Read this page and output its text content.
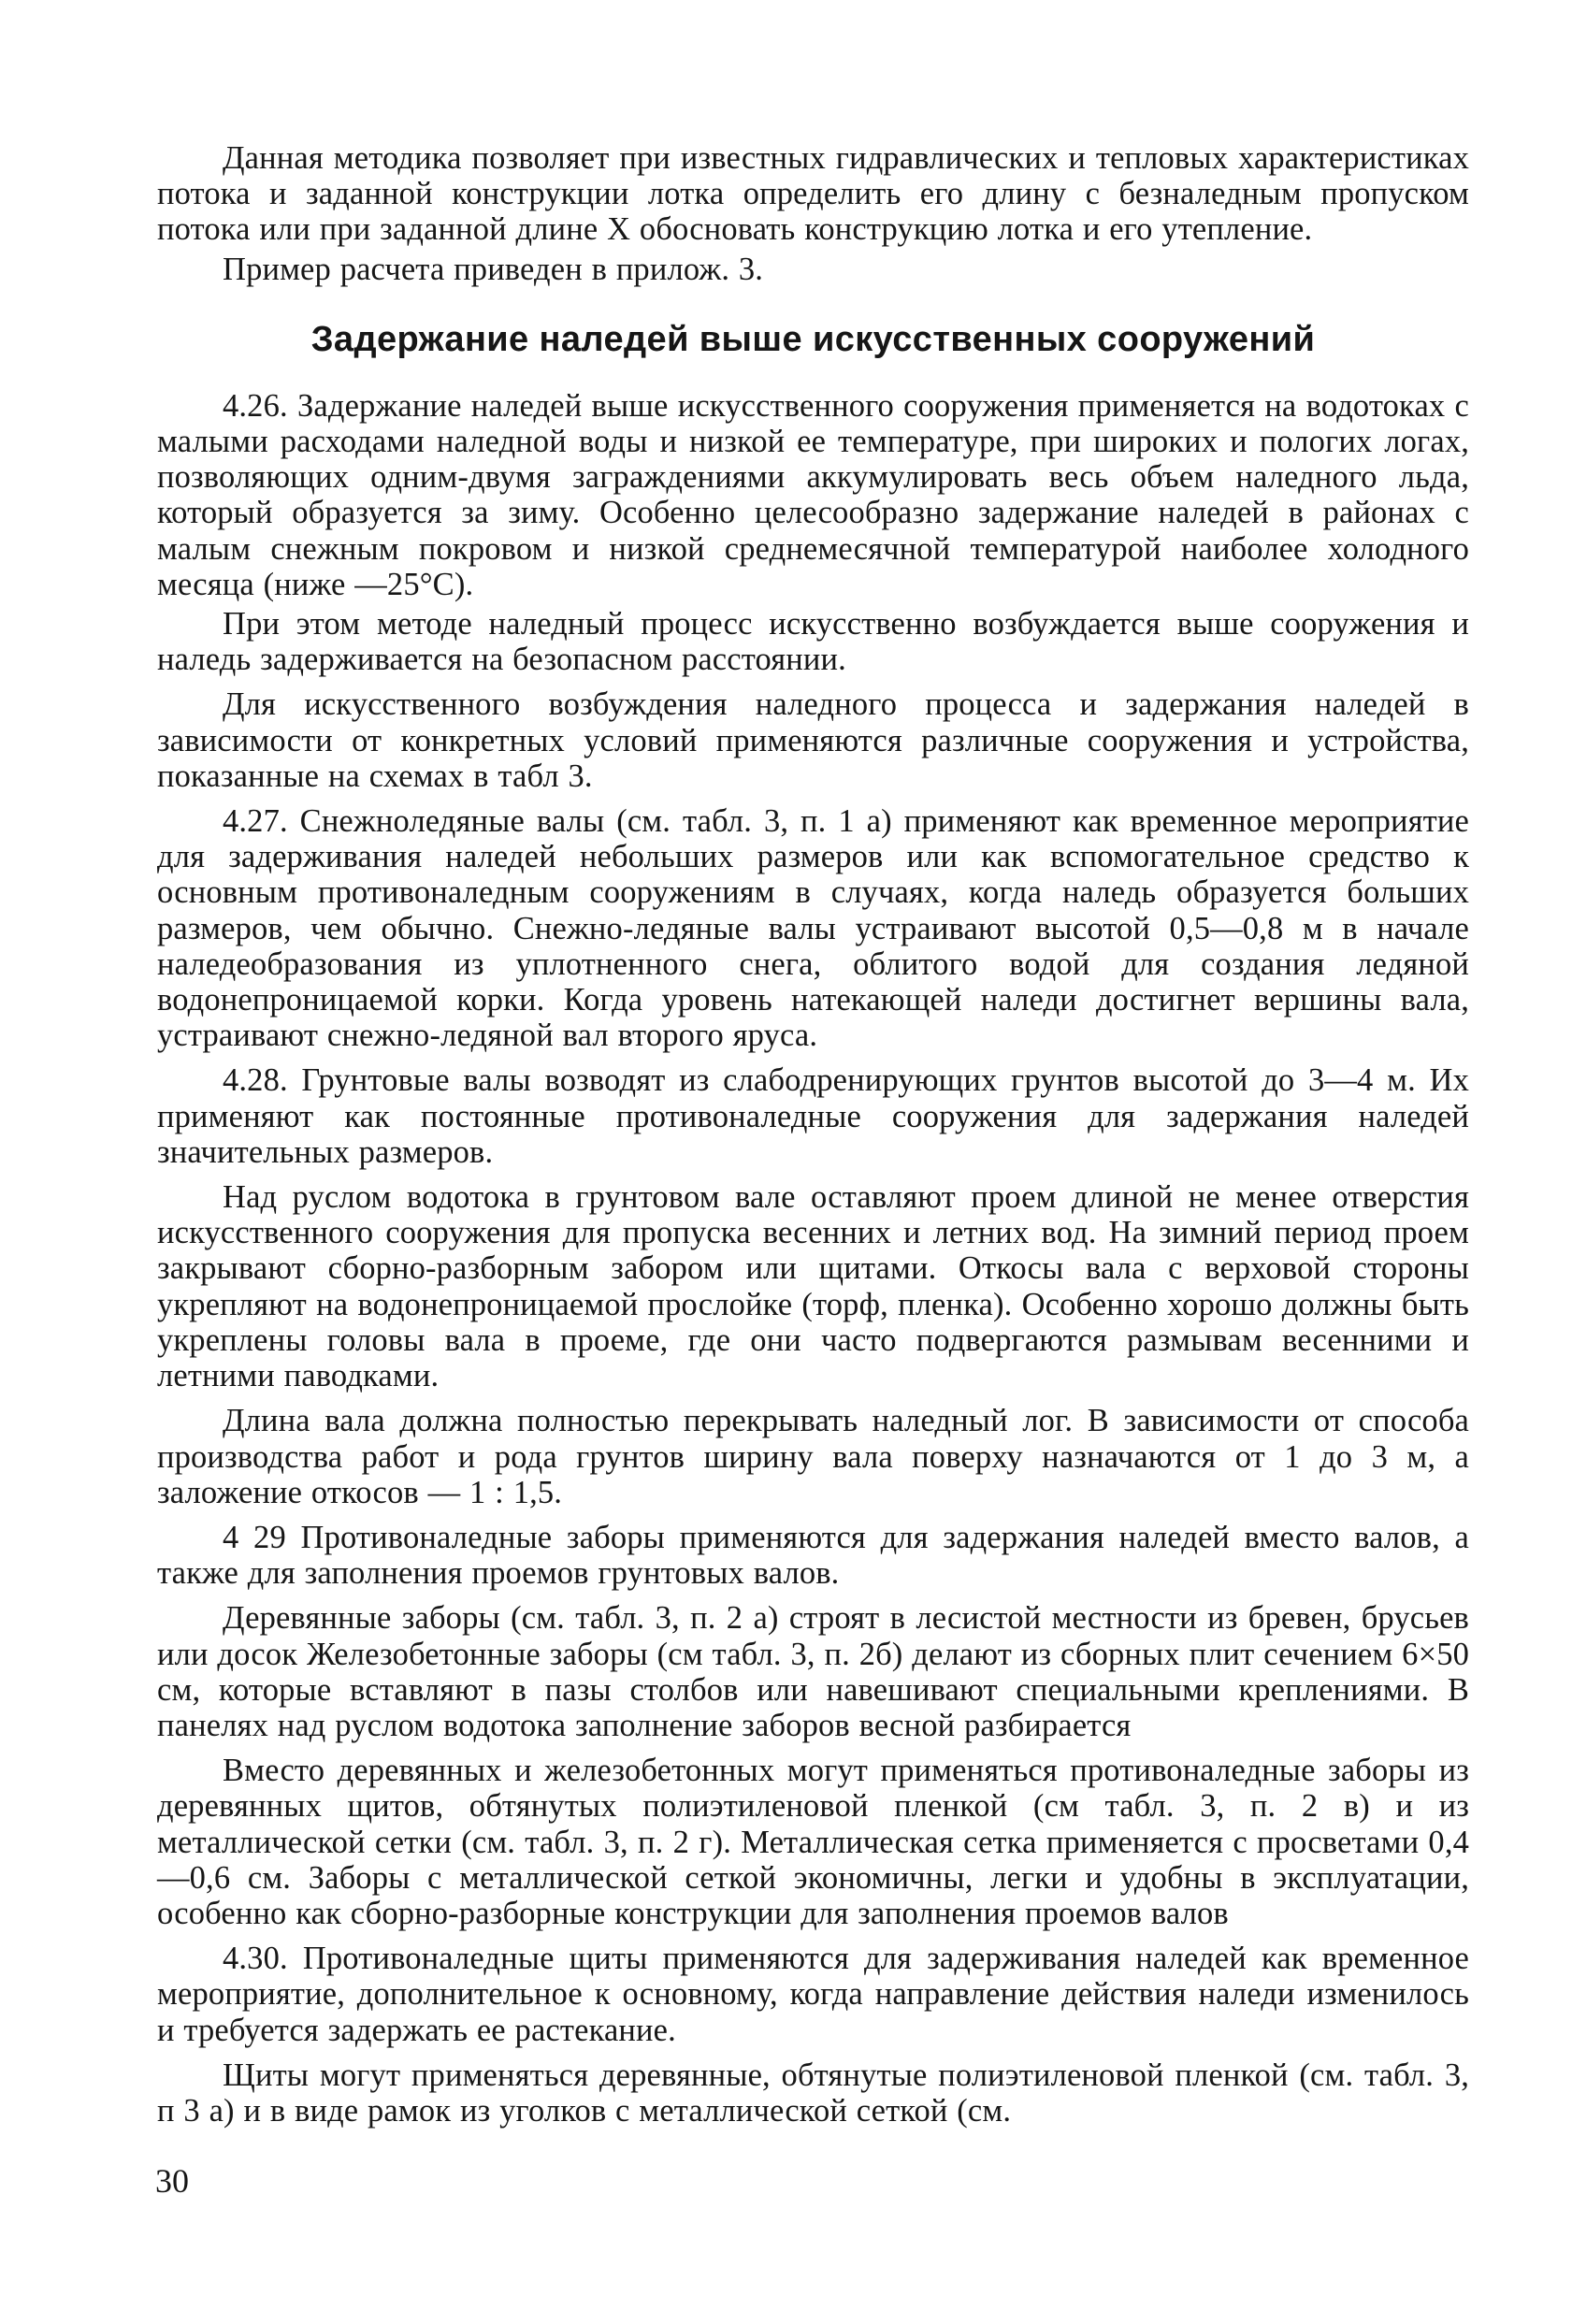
Данная методика позволяет при известных гидравлических и тепловых характеристиках потока и заданной конструкции лотка определить его длину с безналедным пропуском потока или при заданной длине X обосновать конструкцию лотка и его утепление.

Пример расчета приведен в прилож. 3.

Задержание наледей выше искусственных сооружений

4.26. Задержание наледей выше искусственного сооружения применяется на водотоках с малыми расходами наледной воды и низкой ее температуре, при широких и пологих логах, позволяющих одним-двумя заграждениями аккумулировать весь объем наледного льда, который образуется за зиму. Особенно целесообразно задержание наледей в районах с малым снежным покровом и низкой среднемесячной температурой наиболее холодного месяца (ниже —25°С).

При этом методе наледный процесс искусственно возбуждается выше сооружения и наледь задерживается на безопасном расстоянии.

Для искусственного возбуждения наледного процесса и задержания наледей в зависимости от конкретных условий применяются различные сооружения и устройства, показанные на схемах в табл 3.

4.27. Снежноледяные валы (см. табл. 3, п. 1 а) применяют как временное мероприятие для задерживания наледей небольших размеров или как вспомогательное средство к основным противоналедным сооружениям в случаях, когда наледь образуется больших размеров, чем обычно. Снежно-ледяные валы устраивают высотой 0,5—0,8 м в начале наледеобразования из уплотненного снега, облитого водой для создания ледяной водонепроницаемой корки. Когда уровень натекающей наледи достигнет вершины вала, устраивают снежно-ледяной вал второго яруса.

4.28. Грунтовые валы возводят из слабодренирующих грунтов высотой до 3—4 м. Их применяют как постоянные противоналедные сооружения для задержания наледей значительных размеров.

Над руслом водотока в грунтовом вале оставляют проем длиной не менее отверстия искусственного сооружения для пропуска весенних и летних вод. На зимний период проем закрывают сборно-разборным забором или щитами. Откосы вала с верховой стороны укрепляют на водонепроницаемой прослойке (торф, пленка). Особенно хорошо должны быть укреплены головы вала в проеме, где они часто подвергаются размывам весенними и летними паводками.

Длина вала должна полностью перекрывать наледный лог. В зависимости от способа производства работ и рода грунтов ширину вала поверху назначаются от 1 до 3 м, а заложение откосов — 1 : 1,5.

4 29 Противоналедные заборы применяются для задержания наледей вместо валов, а также для заполнения проемов грунтовых валов.

Деревянные заборы (см. табл. 3, п. 2 а) строят в лесистой местности из бревен, брусьев или досок Железобетонные заборы (см табл. 3, п. 2б) делают из сборных плит сечением 6×50 см, которые вставляют в пазы столбов или навешивают специальными креплениями. В панелях над руслом водотока заполнение заборов весной разбирается

Вместо деревянных и железобетонных могут применяться противоналедные заборы из деревянных щитов, обтянутых полиэтиленовой пленкой (см табл. 3, п. 2 в) и из металлической сетки (см. табл. 3, п. 2 г). Металлическая сетка применяется с просветами 0,4—0,6 см. Заборы с металлической сеткой экономичны, легки и удобны в эксплуатации, особенно как сборно-разборные конструкции для заполнения проемов валов

4.30. Противоналедные щиты применяются для задерживания наледей как временное мероприятие, дополнительное к основному, когда направление действия наледи изменилось и требуется задержать ее растекание.

Щиты могут применяться деревянные, обтянутые полиэтиленовой пленкой (см. табл. 3, п 3 а) и в виде рамок из уголков с металлической сеткой (см.

30
